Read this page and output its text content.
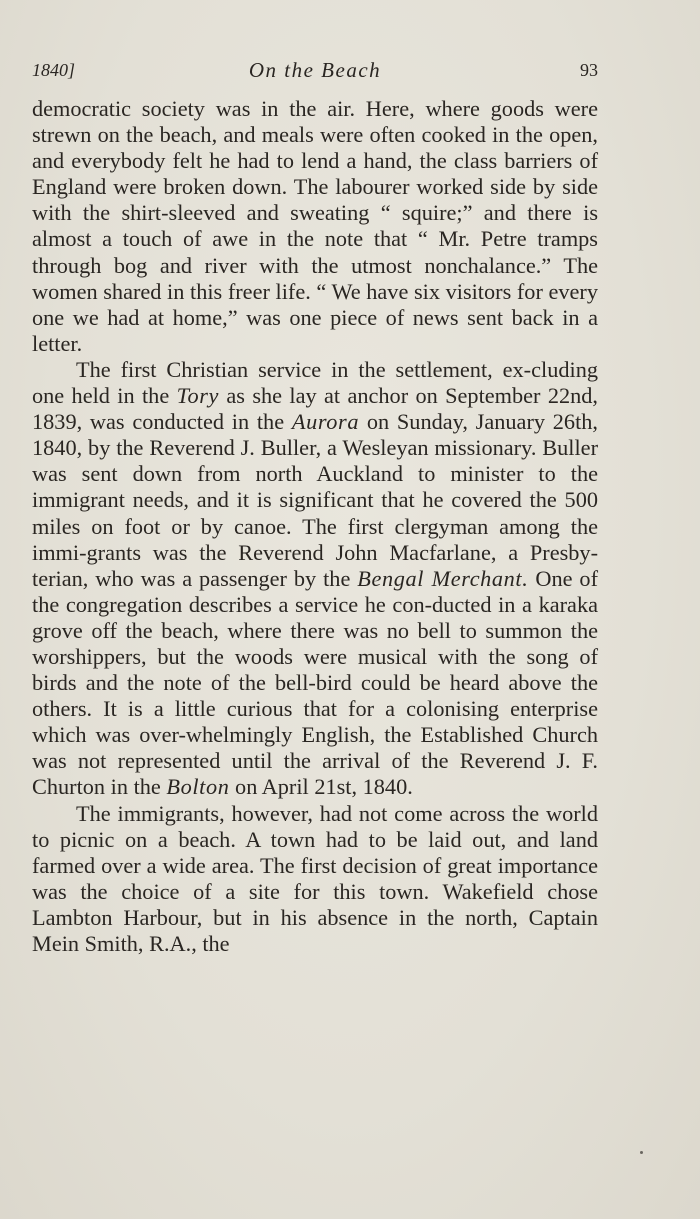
1840]	On the Beach	93

democratic society was in the air. Here, where goods were strewn on the beach, and meals were often cooked in the open, and everybody felt he had to lend a hand, the class barriers of England were broken down. The labourer worked side by side with the shirt-sleeved and sweating “ squire;” and there is almost a touch of awe in the note that “ Mr. Petre tramps through bog and river with the utmost nonchalance.” The women shared in this freer life. “ We have six visitors for every one we had at home,” was one piece of news sent back in a letter.

The first Christian service in the settlement, ex-cluding one held in the Tory as she lay at anchor on September 22nd, 1839, was conducted in the Aurora on Sunday, January 26th, 1840, by the Reverend J. Buller, a Wesleyan missionary. Buller was sent down from north Auckland to minister to the immigrant needs, and it is significant that he covered the 500 miles on foot or by canoe. The first clergyman among the immi-grants was the Reverend John Macfarlane, a Presby-terian, who was a passenger by the Bengal Merchant. One of the congregation describes a service he con-ducted in a karaka grove off the beach, where there was no bell to summon the worshippers, but the woods were musical with the song of birds and the note of the bell-bird could be heard above the others. It is a little curious that for a colonising enterprise which was over-whelmingly English, the Established Church was not represented until the arrival of the Reverend J. F. Churton in the Bolton on April 21st, 1840.

The immigrants, however, had not come across the world to picnic on a beach. A town had to be laid out, and land farmed over a wide area. The first decision of great importance was the choice of a site for this town. Wakefield chose Lambton Harbour, but in his absence in the north, Captain Mein Smith, R.A., the
